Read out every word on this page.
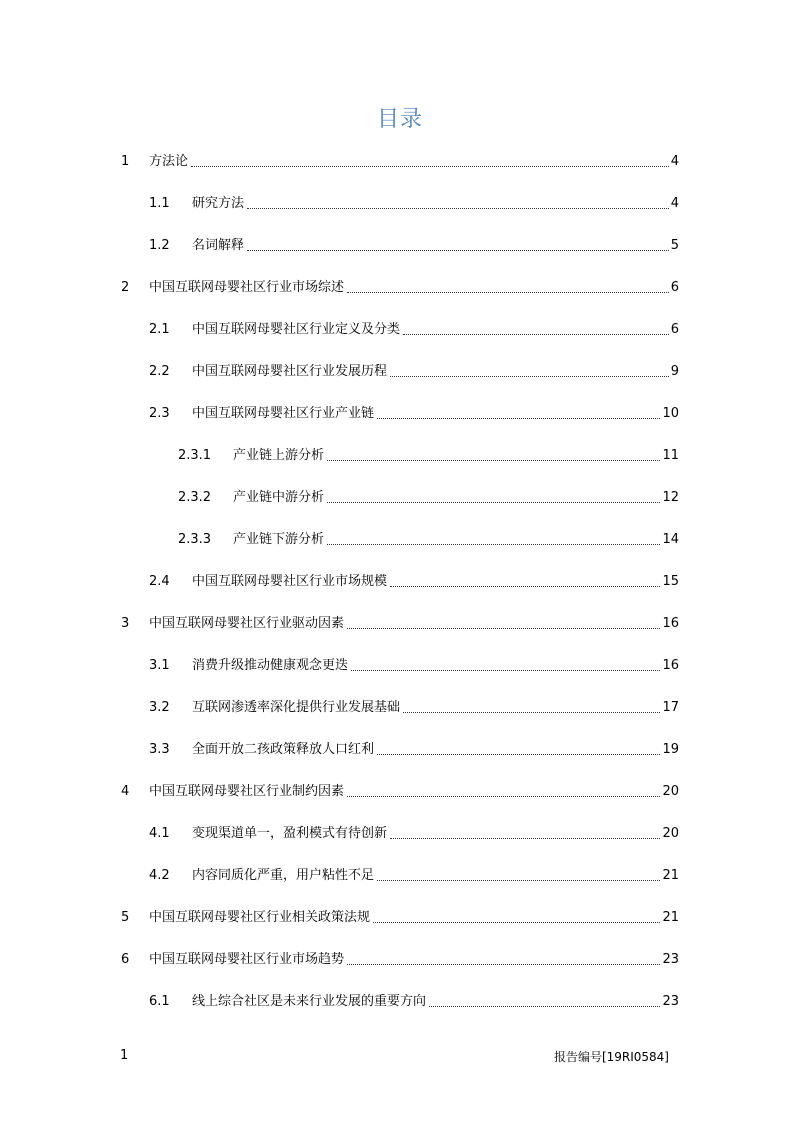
目录
1 方法论	4
1.1 研究方法	4
1.2 名词解释	5
2 中国互联网母婴社区行业市场综述	6
2.1 中国互联网母婴社区行业定义及分类	6
2.2 中国互联网母婴社区行业发展历程	9
2.3 中国互联网母婴社区行业产业链	10
2.3.1 产业链上游分析	11
2.3.2 产业链中游分析	12
2.3.3 产业链下游分析	14
2.4 中国互联网母婴社区行业市场规模	15
3 中国互联网母婴社区行业驱动因素	16
3.1 消费升级推动健康观念更迭	16
3.2 互联网渗透率深化提供行业发展基础	17
3.3 全面开放二孩政策释放人口红利	19
4 中国互联网母婴社区行业制约因素	20
4.1 变现渠道单一，盈利模式有待创新	20
4.2 内容同质化严重，用户粘性不足	21
5 中国互联网母婴社区行业相关政策法规	21
6 中国互联网母婴社区行业市场趋势	23
6.1 线上综合社区是未来行业发展的重要方向	23
1	报告编号[19RI0584]
